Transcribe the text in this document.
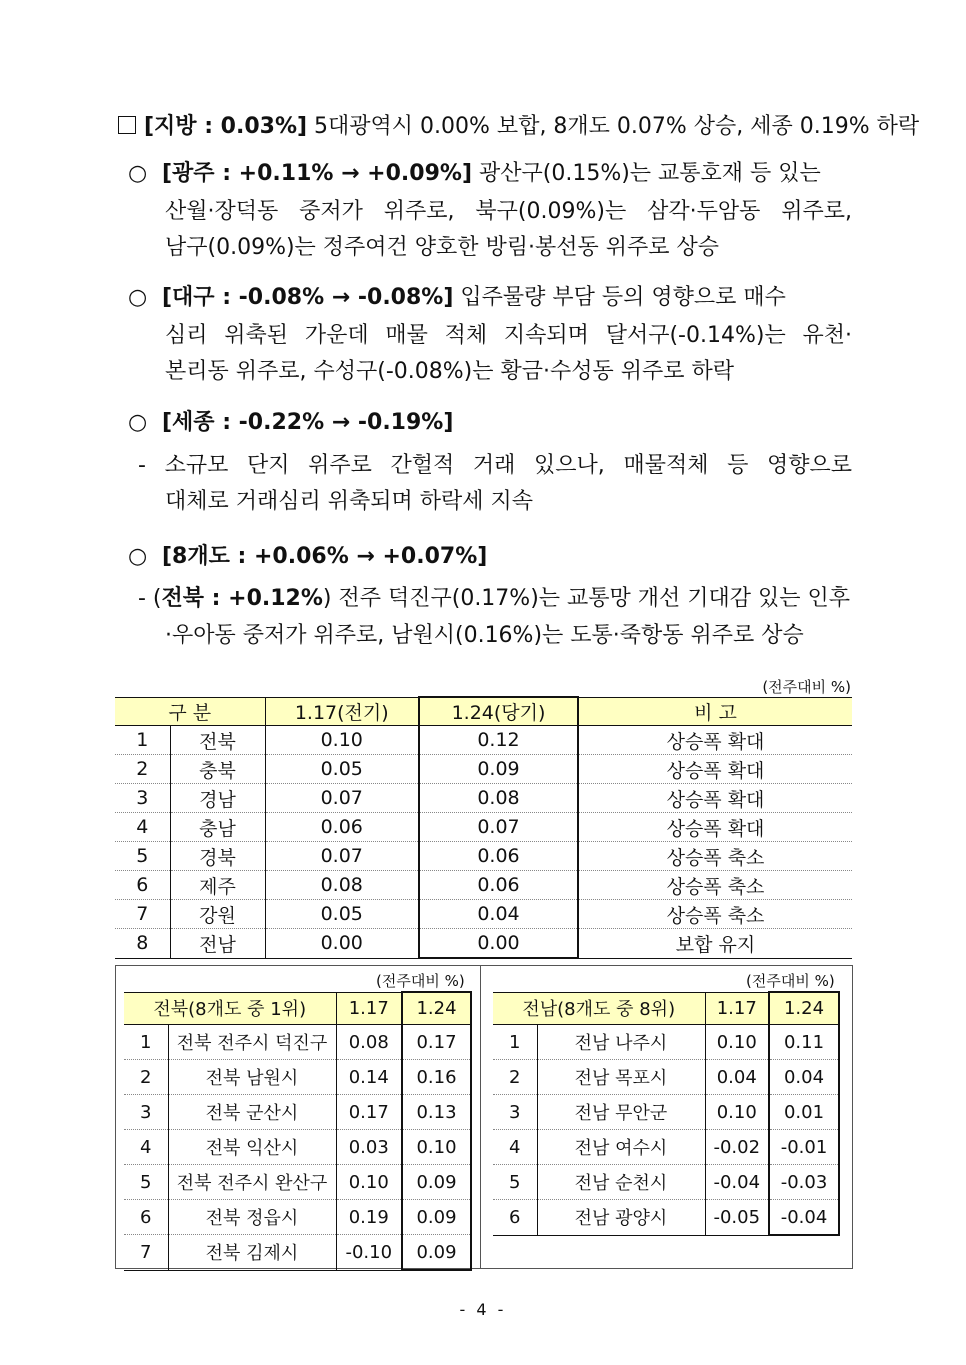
[지방 : 0.03%] 5대광역시 0.00% 보합, 8개도 0.07% 상승, 세종 0.19% 하락
○ [광주 : +0.11% → +0.09%] 광산구(0.15%)는 교통호재 등 있는
산월·장덕동 중저가 위주로, 북구(0.09%)는 삼각·두암동 위주로,
남구(0.09%)는 정주여건 양호한 방림·봉선동 위주로 상승
○ [대구 : -0.08% → -0.08%] 입주물량 부담 등의 영향으로 매수
심리 위축된 가운데 매물 적체 지속되며 달서구(-0.14%)는 유천·
본리동 위주로, 수성구(-0.08%)는 황금·수성동 위주로 하락
○ [세종 : -0.22% → -0.19%]
- 소규모 단지 위주로 간헐적 거래 있으나, 매물적체 등 영향으로
대체로 거래심리 위축되며 하락세 지속
○ [8개도 : +0.06% → +0.07%]
- (전북 : +0.12%) 전주 덕진구(0.17%)는 교통망 개선 기대감 있는 인후
·우아동 중저가 위주로, 남원시(0.16%)는 도통·죽항동 위주로 상승
(전주대비 %)
구 분		1.17(전기)	1.24(당기)	비 고
1	전북	0.10	0.12	상승폭 확대
2	충북	0.05	0.09	상승폭 확대
3	경남	0.07	0.08	상승폭 확대
4	충남	0.06	0.07	상승폭 확대
5	경북	0.07	0.06	상승폭 축소
6	제주	0.08	0.06	상승폭 축소
7	강원	0.05	0.04	상승폭 축소
8	전남	0.00	0.00	보합 유지
(전주대비 %)	(전주대비 %)
전북(8개도 중 1위)		1.17	1.24
1	전북 전주시 덕진구	0.08	0.17
2	전북 남원시	0.14	0.16
3	전북 군산시	0.17	0.13
4	전북 익산시	0.03	0.10
5	전북 전주시 완산구	0.10	0.09
6	전북 정읍시	0.19	0.09
7	전북 김제시	-0.10	0.09
전남(8개도 중 8위)		1.17	1.24
1	전남 나주시	0.10	0.11
2	전남 목포시	0.04	0.04
3	전남 무안군	0.10	0.01
4	전남 여수시	-0.02	-0.01
5	전남 순천시	-0.04	-0.03
6	전남 광양시	-0.05	-0.04
- 4 -
